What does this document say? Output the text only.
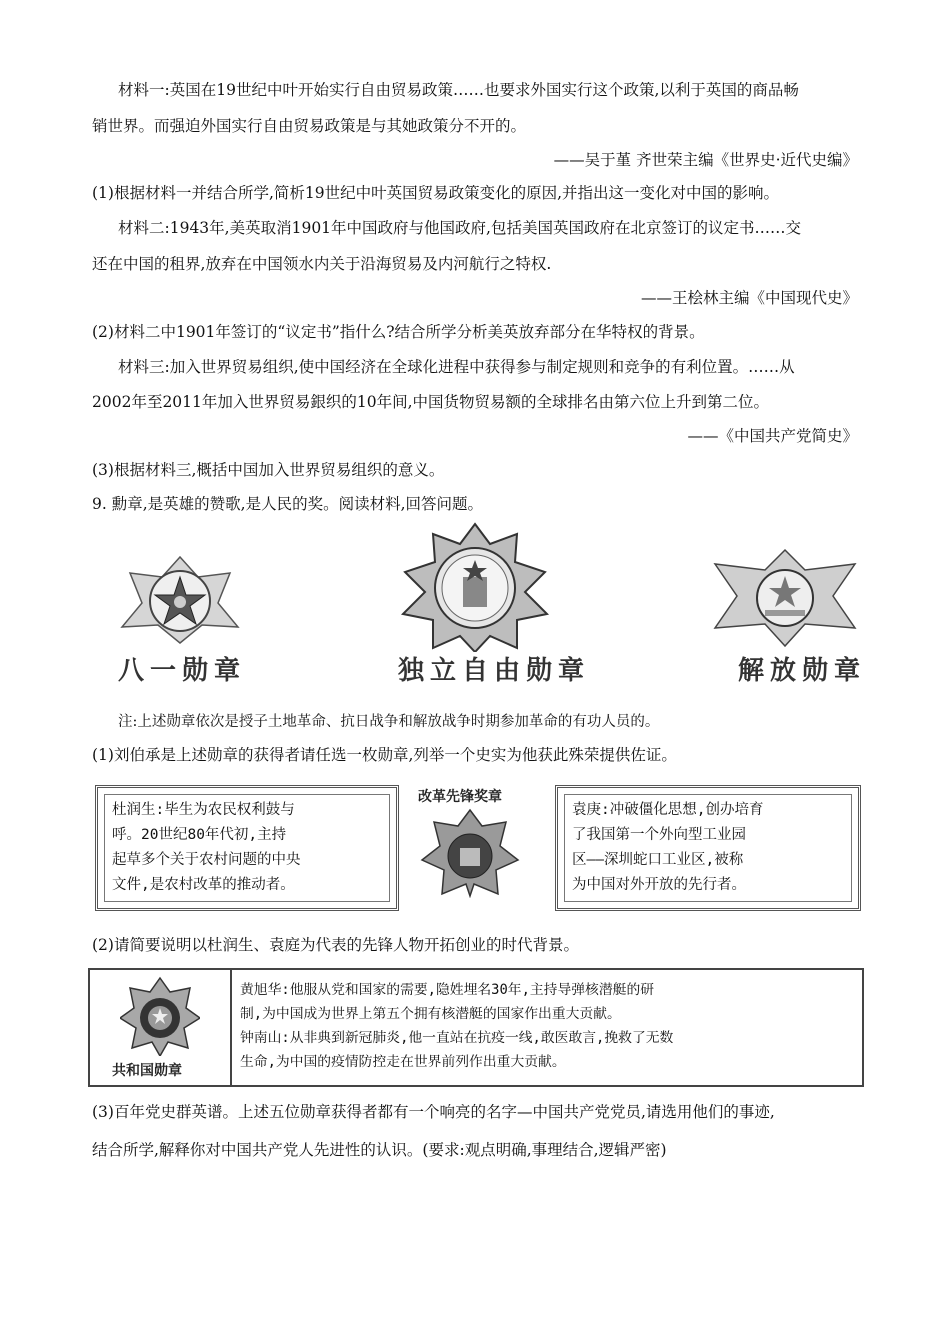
材料一:英国在19世纪中叶开始实行自由贸易政策……也要求外国实行这个政策,以利于英国的商品畅
销世界。而强迫外国实行自由贸易政策是与其她政策分不开的。
——吴于堇 齐世荣主编《世界史·近代史编》
(1)根据材料一并结合所学,简析19世纪中叶英国贸易政策变化的原因,并指出这一变化对中国的影响。
材料二:1943年,美英取消1901年中国政府与他国政府,包括美国英国政府在北京签订的议定书……交
还在中国的租界,放弃在中国领水内关于沿海贸易及内河航行之特权.
——王桧林主编《中国现代史》
(2)材料二中1901年签订的“议定书”指什么?结合所学分析美英放弃部分在华特权的背景。
材料三:加入世界贸易组织,使中国经济在全球化进程中获得参与制定规则和竞争的有利位置。……从
2002年至2011年加入世界贸易銀织的10年间,中国货物贸易额的全球排名由第六位上升到第二位。
——《中国共产党简史》
(3)根据材料三,概括中国加入世界贸易组织的意义。
9. 勳章,是英雄的赞歌,是人民的奖。阅读材料,回答问题。
八一勋章	独立自由勋章	解放勋章
注:上述勋章依次是授子土地革命、抗日战争和解放战争时期参加革命的有功人员的。
(1)刘伯承是上述勋章的获得者请任选一枚勋章,列举一个史实为他获此殊荣提供佐证。
杜润生:毕生为农民权利鼓与
呼。20世纪80年代初,主持
起草多个关于农村问题的中央
文件,是农村改革的推动者。
改革先锋奖章
袁庚:冲破僵化思想,创办培育
了我国第一个外向型工业园
区——深圳蛇口工业区,被称
为中国对外开放的先行者。
(2)请简要说明以杜润生、袁庭为代表的先锋人物开拓创业的时代背景。
共和国勋章
黄旭华:他服从党和国家的需要,隐姓埋名30年,主持导弹核潜艇的研
制,为中国成为世界上第五个拥有核潜艇的国家作出重大贡献。
钟南山:从非典到新冠肺炎,他一直站在抗疫一线,敢医敢言,挽救了无数
生命,为中国的疫情防控走在世界前列作出重大贡献。
(3)百年党史群英谱。上述五位勋章获得者都有一个响亮的名字—中国共产党党员,请选用他们的事迹,
结合所学,解释你对中国共产党人先进性的认识。(要求:观点明确,事理结合,逻辑严密)
